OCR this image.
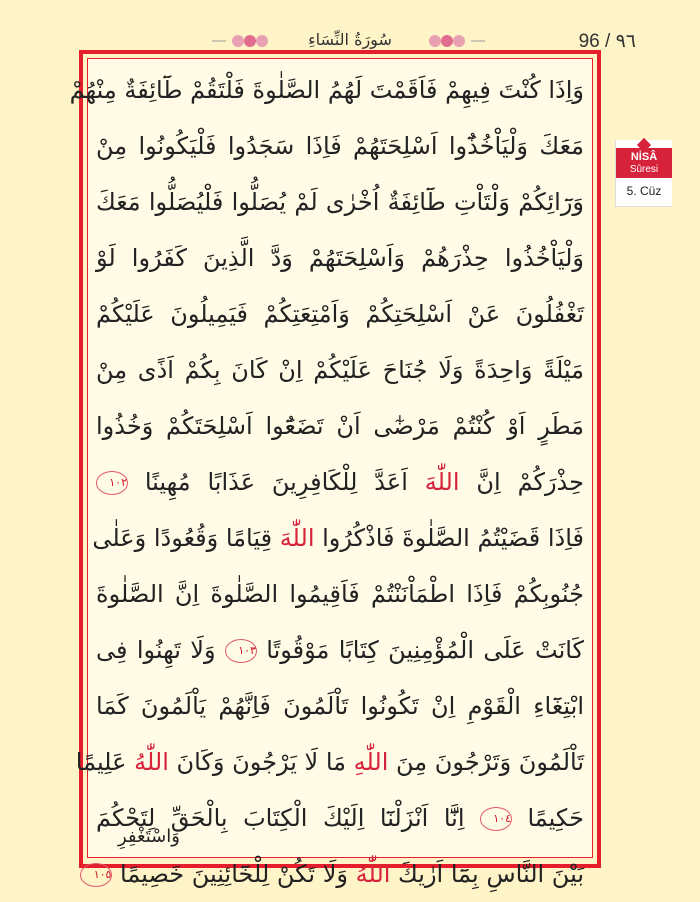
سُورَةُ النِّسَاءِ	96 / ٩٦
NİSÂ
Sûresi
5. Cüz
وَاِذَا كُنْتَ فِيهِمْ فَاَقَمْتَ لَهُمُ الصَّلٰوةَ فَلْتَقُمْ طَٓائِفَةٌ مِنْهُمْ
مَعَكَ وَلْيَاْخُذُٓوا اَسْلِحَتَهُمْ فَاِذَا سَجَدُوا فَلْيَكُونُوا مِنْ
وَرَٓائِكُمْ وَلْتَاْتِ طَٓائِفَةٌ اُخْرٰى لَمْ يُصَلُّوا فَلْيُصَلُّوا مَعَكَ
وَلْيَاْخُذُوا حِذْرَهُمْ وَاَسْلِحَتَهُمْ وَدَّ الَّذِينَ كَفَرُوا لَوْ
تَغْفُلُونَ عَنْ اَسْلِحَتِكُمْ وَاَمْتِعَتِكُمْ فَيَمِيلُونَ عَلَيْكُمْ
مَيْلَةً وَاحِدَةً وَلَا جُنَاحَ عَلَيْكُمْ اِنْ كَانَ بِكُمْ اَذًى مِنْ
مَطَرٍ اَوْ كُنْتُمْ مَرْضٰٓى اَنْ تَضَعُٓوا اَسْلِحَتَكُمْ وَخُذُوا
حِذْرَكُمْ اِنَّ اللّٰهَ اَعَدَّ لِلْكَافِرِينَ عَذَابًا مُهِينًا ١٠٢
فَاِذَا قَضَيْتُمُ الصَّلٰوةَ فَاذْكُرُوا اللّٰهَ قِيَامًا وَقُعُودًا وَعَلٰى
جُنُوبِكُمْ فَاِذَا اطْمَاْنَنْتُمْ فَاَقِيمُوا الصَّلٰوةَ اِنَّ الصَّلٰوةَ
كَانَتْ عَلَى الْمُؤْمِنِينَ كِتَابًا مَوْقُوتًا ١٠٣ وَلَا تَهِنُوا فِى
ابْتِغَٓاءِ الْقَوْمِ اِنْ تَكُونُوا تَاْلَمُونَ فَاِنَّهُمْ يَاْلَمُونَ كَمَا
تَاْلَمُونَ وَتَرْجُونَ مِنَ اللّٰهِ مَا لَا يَرْجُونَ وَكَانَ اللّٰهُ عَلِيمًا
حَكِيمًا ١٠٤ اِنَّٓا اَنْزَلْنَٓا اِلَيْكَ الْكِتَابَ بِالْحَقِّ لِتَحْكُمَ
بَيْنَ النَّاسِ بِمَٓا اَرٰيكَ اللّٰهُ وَلَا تَكُنْ لِلْخَٓائِنِينَ خَصِيمًا ١٠٥
وَاسْتَغْفِرِ
